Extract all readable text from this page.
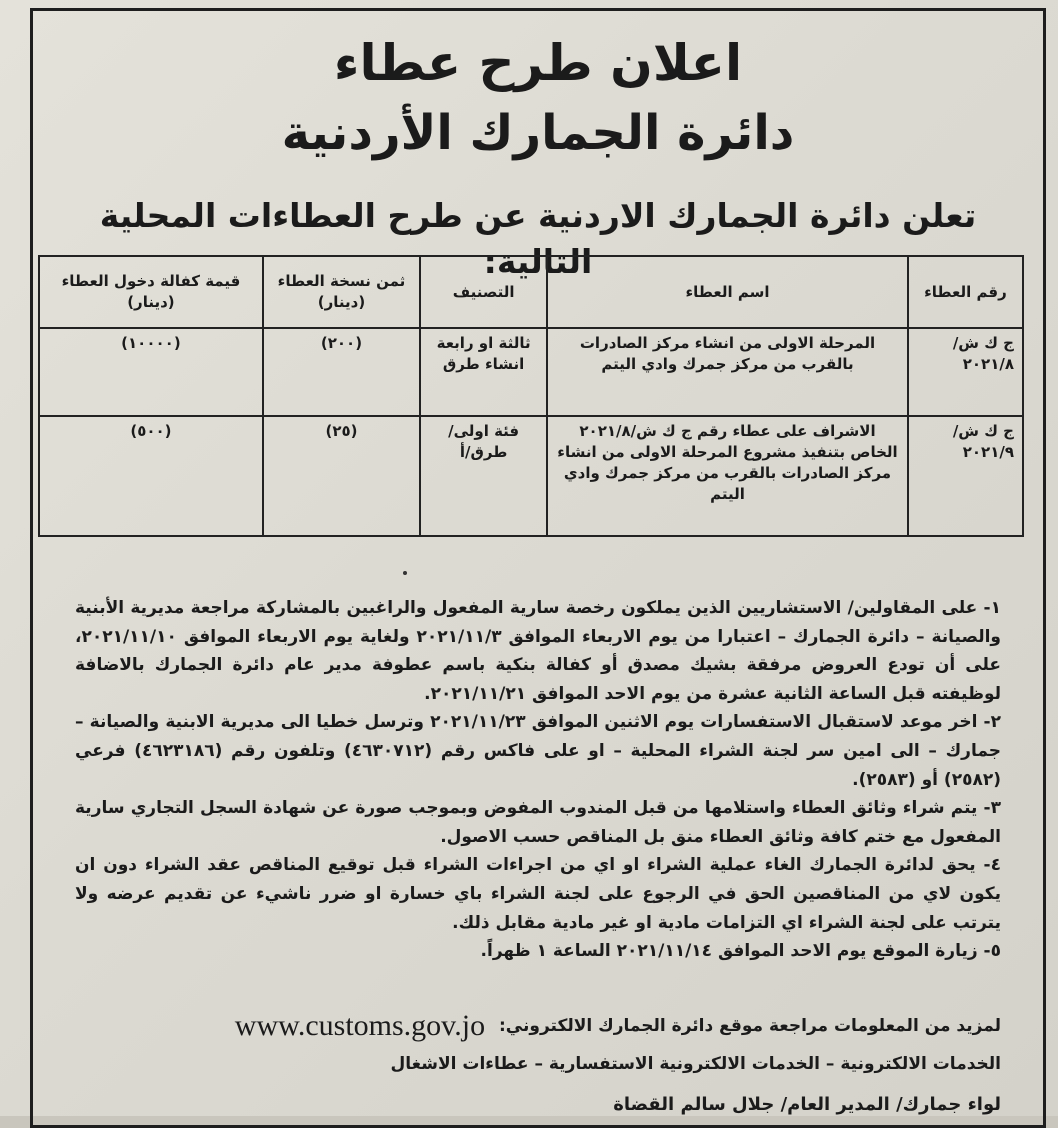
اعلان طرح عطاء
دائرة الجمارك الأردنية
تعلن دائرة الجمارك الاردنية عن طرح العطاءات المحلية التالية:

١- على المقاولين/ الاستشاريين الذين يملكون رخصة سارية المفعول والراغبين بالمشاركة مراجعة مديرية الأبنية والصيانة – دائرة الجمارك – اعتبارا من يوم الاربعاء الموافق ٢٠٢١/١١/٣ ولغاية يوم الاربعاء الموافق ٢٠٢١/١١/١٠، على أن تودع العروض مرفقة بشيك مصدق أو كفالة بنكية باسم عطوفة مدير عام دائرة الجمارك بالاضافة لوظيفته قبل الساعة الثانية عشرة من يوم الاحد الموافق ٢٠٢١/١١/٢١.

٢- اخر موعد لاستقبال الاستفسارات يوم الاثنين الموافق ٢٠٢١/١١/٢٣ وترسل خطيا الى مديرية الابنية والصيانة – جمارك – الى امين سر لجنة الشراء المحلية – او على فاكس رقم (٤٦٣٠٧١٢) وتلفون رقم (٤٦٢٣١٨٦) فرعي (٢٥٨٢) أو (٢٥٨٣).

٣- يتم شراء وثائق العطاء واستلامها من قبل المندوب المفوض وبموجب صورة عن شهادة السجل التجاري سارية المفعول مع ختم كافة وثائق العطاء منق بل المناقص حسب الاصول.

٤- يحق لدائرة الجمارك الغاء عملية الشراء او اي من اجراءات الشراء قبل توقيع المناقص عقد الشراء دون ان يكون لاي من المناقصين الحق في الرجوع على لجنة الشراء باي خسارة او ضرر ناشيء عن تقديم عرضه ولا يترتب على لجنة الشراء اي التزامات مادية او غير مادية مقابل ذلك.

٥- زيارة الموقع يوم الاحد الموافق ٢٠٢١/١١/١٤ الساعة ١ ظهراً.

لمزيد من المعلومات مراجعة موقع دائرة الجمارك الالكتروني: www.customs.gov.jo
الخدمات الالكترونية – الخدمات الالكترونية الاستفسارية – عطاءات الاشغال
لواء جمارك/ المدير العام/ جلال سالم القضاة
رقم العطاء	اسم العطاء	التصنيف	ثمن نسخة العطاء (دينار)	قيمة كفالة دخول العطاء (دينار)
ج ك ش/٢٠٢١/٨	المرحلة الاولى من انشاء مركز الصادرات بالقرب من مركز جمرك وادي اليتم	ثالثة او رابعة انشاء طرق	(٢٠٠)	(١٠٠٠٠)
ج ك ش/٢٠٢١/٩	الاشراف على عطاء رقم ج ك ش/٢٠٢١/٨ الخاص بتنفيذ مشروع المرحلة الاولى من انشاء مركز الصادرات بالقرب من مركز جمرك وادي اليتم	فئة اولى/ طرق/أ	(٢٥)	(٥٠٠)
